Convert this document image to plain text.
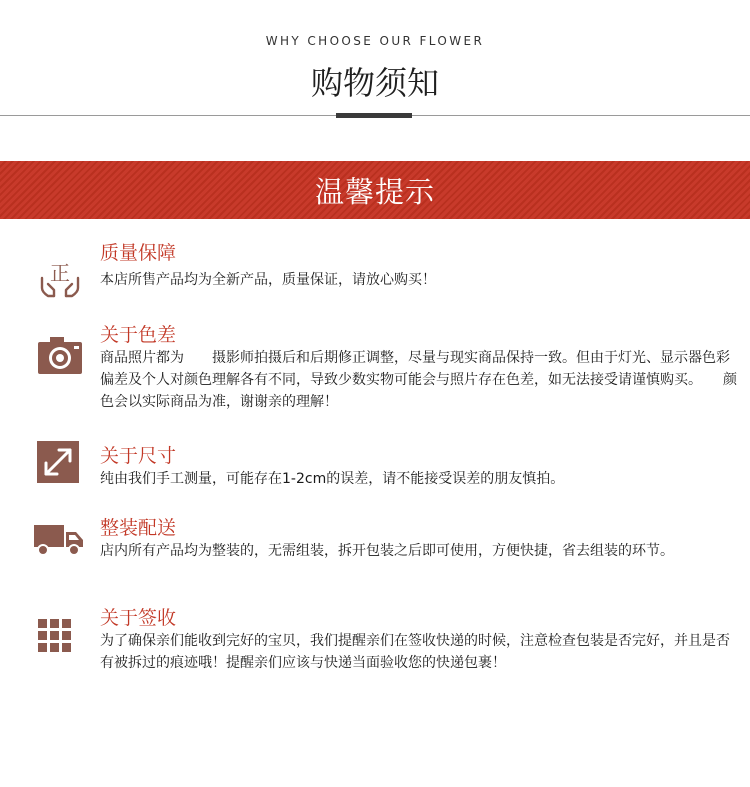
WHY CHOOSE OUR FLOWER
购物须知
温馨提示
正
质量保障
本店所售产品均为全新产品，质量保证，请放心购买！
关于色差
商品照片都为　　摄影师拍摄后和后期修正调整，尽量与现实商品保持一致。但由于灯光、显示器色彩偏差及个人对颜色理解各有不同，导致少数实物可能会与照片存在色差，如无法接受请谨慎购买。　　颜色会以实际商品为准，谢谢亲的理解！
关于尺寸
纯由我们手工测量，可能存在1-2cm的误差，请不能接受误差的朋友慎拍。
整装配送
店内所有产品均为整装的，无需组装，拆开包装之后即可使用，方便快捷，省去组装的环节。
关于签收
为了确保亲们能收到完好的宝贝，我们提醒亲们在签收快递的时候，注意检查包装是否完好，并且是否有被拆过的痕迹哦！提醒亲们应该与快递当面验收您的快递包裹！
